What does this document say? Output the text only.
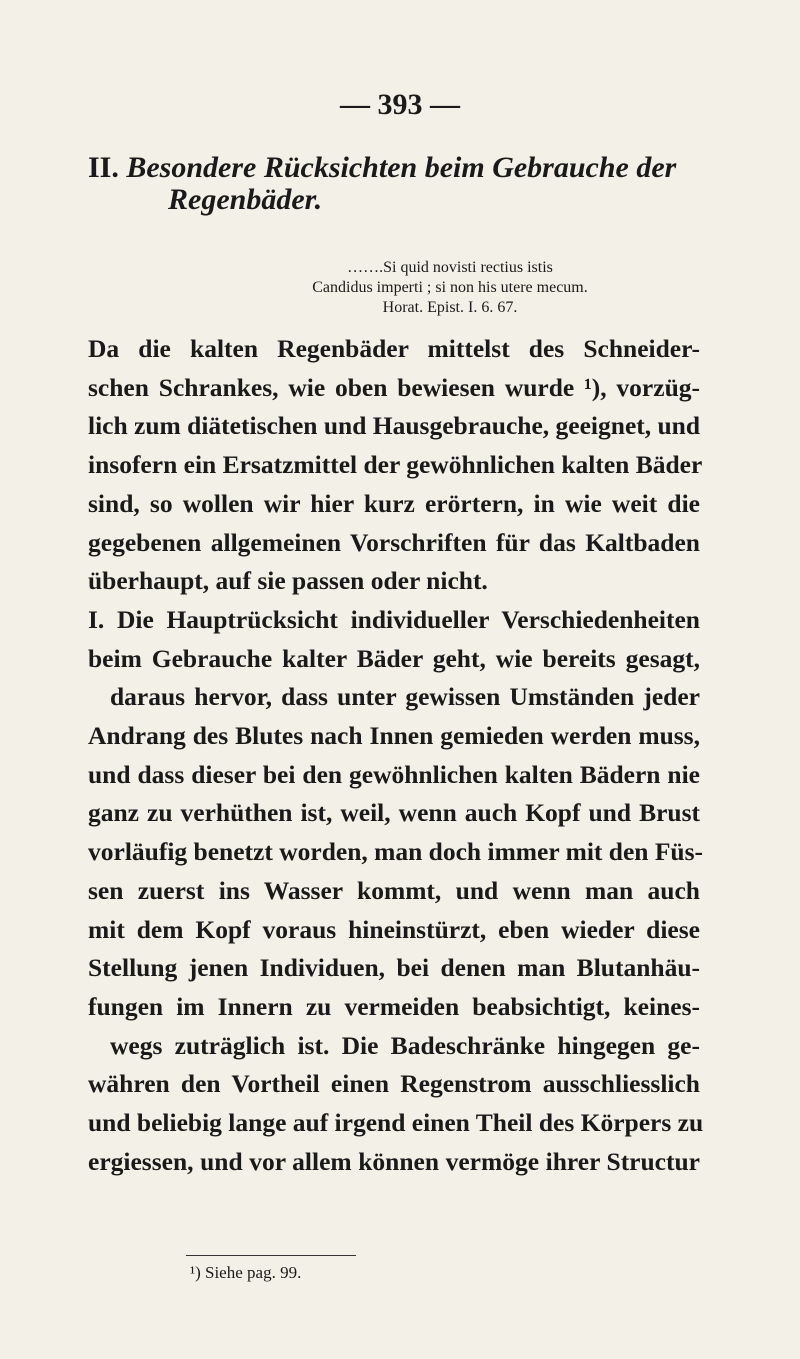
— 393 —
II. Besondere Rücksichten beim Gebrauche der
Regenbäder.
…….Si quid novisti rectius istis
Candidus imperti ; si non his utere mecum.
Horat. Epist. I. 6. 67.
Da die kalten Regenbäder mittelst des Schneider-
schen Schrankes, wie oben bewiesen wurde ¹), vorzüg-
lich zum diätetischen und Hausgebrauche, geeignet, und
insofern ein Ersatzmittel der gewöhnlichen kalten Bäder
sind, so wollen wir hier kurz erörtern, in wie weit die
gegebenen allgemeinen Vorschriften für das Kaltbaden
überhaupt, auf sie passen oder nicht.
I. Die Hauptrücksicht individueller Verschiedenheiten
beim Gebrauche kalter Bäder geht, wie bereits gesagt,
daraus hervor, dass unter gewissen Umständen jeder
Andrang des Blutes nach Innen gemieden werden muss,
und dass dieser bei den gewöhnlichen kalten Bädern nie
ganz zu verhüthen ist, weil, wenn auch Kopf und Brust
vorläufig benetzt worden, man doch immer mit den Füs-
sen zuerst ins Wasser kommt, und wenn man auch
mit dem Kopf voraus hineinstürzt, eben wieder diese
Stellung jenen Individuen, bei denen man Blutanhäu-
fungen im Innern zu vermeiden beabsichtigt, keines-
wegs zuträglich ist. Die Badeschränke hingegen ge-
währen den Vortheil einen Regenstrom ausschliesslich
und beliebig lange auf irgend einen Theil des Körpers zu
ergiessen, und vor allem können vermöge ihrer Structur
¹) Siehe pag. 99.
